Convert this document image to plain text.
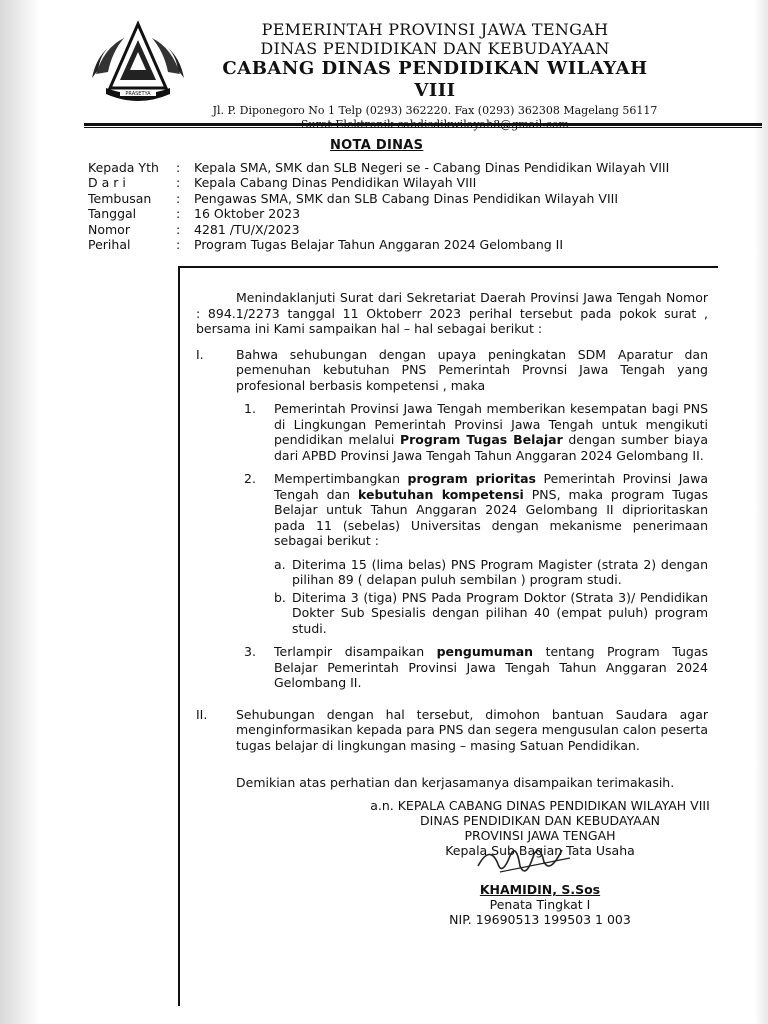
PRASETYA
PEMERINTAH PROVINSI JAWA TENGAH
DINAS PENDIDIKAN DAN KEBUDAYAAN
CABANG DINAS PENDIDIKAN WILAYAH VIII
Jl. P. Diponegoro No 1 Telp (0293) 362220. Fax (0293) 362308 Magelang 56117
NOTA DINAS
Kepada Yth	:	Kepala SMA, SMK dan SLB Negeri se - Cabang Dinas Pendidikan Wilayah VIII
D a r i	:	Kepala Cabang Dinas Pendidikan Wilayah VIII
Tembusan	:	Pengawas SMA, SMK dan SLB Cabang Dinas Pendidikan Wilayah VIII
Tanggal	:	16 Oktober 2023
Nomor	:	4281 /TU/X/2023
Perihal	:	Program Tugas Belajar Tahun Anggaran 2024 Gelombang II

Menindaklanjuti Surat dari Sekretariat Daerah Provinsi Jawa Tengah Nomor : 894.1/2273 tanggal 11 Oktoberr 2023 perihal tersebut pada pokok surat , bersama ini Kami sampaikan hal – hal sebagai berikut :

I.	Bahwa sehubungan dengan upaya peningkatan SDM Aparatur dan pemenuhan kebutuhan PNS Pemerintah Provnsi Jawa Tengah yang profesional berbasis kompetensi , maka
1.	Pemerintah Provinsi Jawa Tengah memberikan kesempatan bagi PNS di Lingkungan Pemerintah Provinsi Jawa Tengah untuk mengikuti pendidikan melalui Program Tugas Belajar dengan sumber biaya dari APBD Provinsi Jawa Tengah Tahun Anggaran 2024 Gelombang II.
2.	Mempertimbangkan program prioritas Pemerintah Provinsi Jawa Tengah dan kebutuhan kompetensi PNS, maka program Tugas Belajar untuk Tahun Anggaran 2024 Gelombang II diprioritaskan pada 11 (sebelas) Universitas dengan mekanisme penerimaan sebagai berikut :
a. Diterima 15 (lima belas) PNS Program Magister (strata 2) dengan pilihan 89 ( delapan puluh sembilan ) program studi.
b. Diterima 3 (tiga) PNS Pada Program Doktor (Strata 3)/ Pendidikan Dokter Sub Spesialis dengan pilihan 40 (empat puluh) program studi.
3.	Terlampir disampaikan pengumuman tentang Program Tugas Belajar Pemerintah Provinsi Jawa Tengah Tahun Anggaran 2024 Gelombang II.
II.	Sehubungan dengan hal tersebut, dimohon bantuan Saudara agar menginformasikan kepada para PNS dan segera mengusulan calon peserta tugas belajar di lingkungan masing – masing Satuan Pendidikan.
Demikian atas perhatian dan kerjasamanya disampaikan terimakasih.
a.n. KEPALA CABANG DINAS PENDIDIKAN WILAYAH VIII
DINAS PENDIDIKAN DAN KEBUDAYAAN
PROVINSI JAWA TENGAH
Kepala Sub Bagian Tata Usaha
KHAMIDIN, S.Sos
Penata Tingkat I
NIP. 19690513 199503 1 003
